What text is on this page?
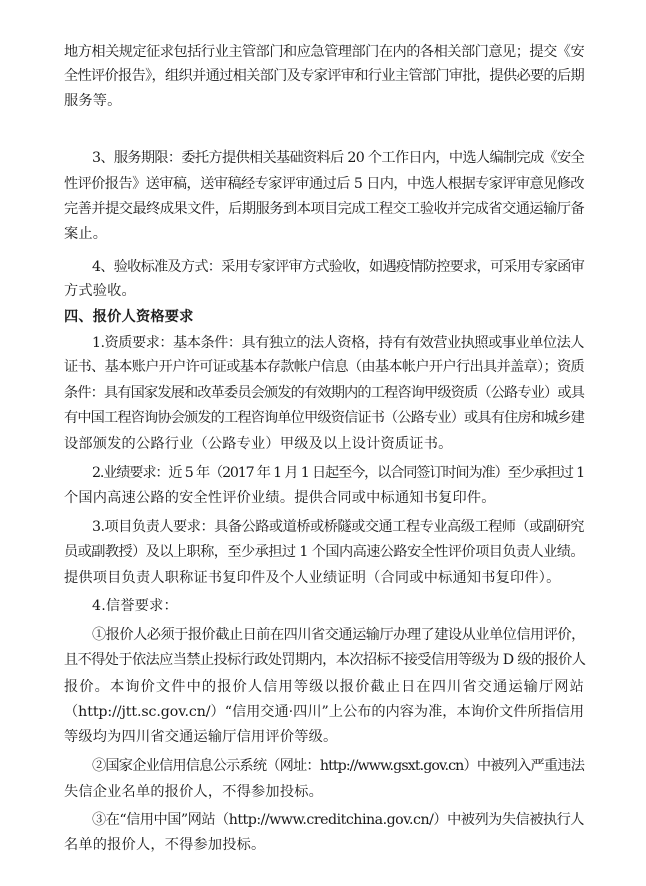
地方相关规定征求包括行业主管部门和应急管理部门在内的各相关部门意见；提交《安
全性评价报告》，组织并通过相关部门及专家评审和行业主管部门审批，提供必要的后期
服务等。
3、服务期限：委托方提供相关基础资料后 20 个工作日内，中选人编制完成《安全
性评价报告》送审稿，送审稿经专家评审通过后 5 日内，中选人根据专家评审意见修改
完善并提交最终成果文件，后期服务到本项目完成工程交工验收并完成省交通运输厅备
案止。
4、验收标准及方式：采用专家评审方式验收，如遇疫情防控要求，可采用专家函审
方式验收。
四、报价人资格要求
1.资质要求：基本条件：具有独立的法人资格，持有有效营业执照或事业单位法人
证书、基本账户开户许可证或基本存款帐户信息（由基本帐户开户行出具并盖章）；资质
条件：具有国家发展和改革委员会颁发的有效期内的工程咨询甲级资质（公路专业）或具
有中国工程咨询协会颁发的工程咨询单位甲级资信证书（公路专业）或具有住房和城乡建
设部颁发的公路行业（公路专业）甲级及以上设计资质证书。
2.业绩要求：近 5 年（2017 年 1 月 1 日起至今，以合同签订时间为准）至少承担过 1
个国内高速公路的安全性评价业绩。提供合同或中标通知书复印件。
3.项目负责人要求：具备公路或道桥或桥隧或交通工程专业高级工程师（或副研究
员或副教授）及以上职称，至少承担过 1 个国内高速公路安全性评价项目负责人业绩。
提供项目负责人职称证书复印件及个人业绩证明（合同或中标通知书复印件）。
4.信誉要求：
①报价人必须于报价截止日前在四川省交通运输厅办理了建设从业单位信用评价，
且不得处于依法应当禁止投标行政处罚期内，本次招标不接受信用等级为 D 级的报价人
报价。本询价文件中的报价人信用等级以报价截止日在四川省交通运输厅网站
（http://jtt.sc.gov.cn/）“信用交通·四川”上公布的内容为准，本询价文件所指信用
等级均为四川省交通运输厅信用评价等级。
②国家企业信用信息公示系统（网址：http://www.gsxt.gov.cn）中被列入严重违法
失信企业名单的报价人，不得参加投标。
③在“信用中国”网站（http://www.creditchina.gov.cn/）中被列为失信被执行人
名单的报价人，不得参加投标。
